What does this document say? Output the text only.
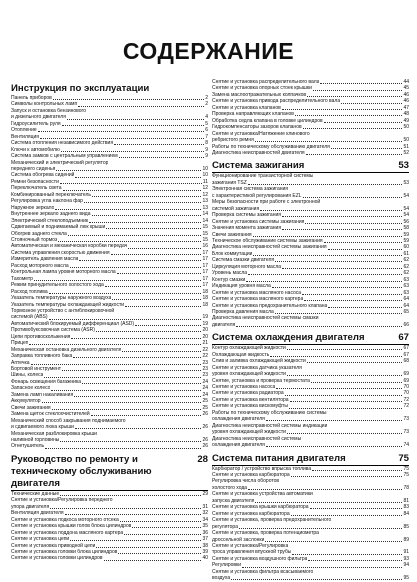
СОДЕРЖАНИЕ
Инструкция по эксплуатации
Панель приборов	2
Символы контрольных ламп	2
Запуск и остановка бензинового
и дизельного двигателя	4
Гидроусилитель руля	5
Отопление	6
Вентиляция	7
Система отопления независимого действия	8
Ключи к автомобилю	9
Система замков с центральным управлением	9
Механический и электрический регулятор
переднего сиденья	10
Система обогрева сидений	10
Ремни безопасности	11
Переключатель света	12
Комбинированный переключатель	12
Регулировка угла наклона фар	13
Наружное зеркало	13
Внутреннее зеркало заднего вида	14
Электрический стеклоподъемник	14
Сдвигаемый и поднимаемый люк крыши	15
Обогрев заднего стекла	15
Стояночный тормоз	15
Автоматическая и механическая коробки передач	16
Система управления скоростью движения	17
Измеритель давления масла	17
Расход моторного масла	17
Контрольная лампа уровня моторного масла	17
Тахометр	17
Режим принудительного холостого хода	17
Расход топлива	18
Указатель температуры наружного воздуха	18
Указатель температуры охлаждающей жидкости	18
Тормозное устройство с антиблокировочной
системой (ABS)	19
Автоматический блокируемый дифференциал (ASD)	19
Противобуксовочная система (ASR)	20
Цепи противоскольжения	20
Прицеп	21
Механическая остановка дизельного двигателя	22
Заправка топливного бака	22
Аптечка	23
Бортовой инструмент	23
Шины, колеса	23
Фонарь освещения багажника	24
Запасное колесо	24
Замена ламп накаливания	24
Аккумулятор	25
Свечи зажигания	25
Замена щеток стеклоочистителей	26
Механический способ закрывания поднимаемого
и сдвигаемого люка крыши	26
Механическая разблокировка крыши
наливной горловины	26
Огнетушитель	26
Руководство по ремонту и техническому обслуживанию двигателя
28
Технические данные	29
Снятие и установка/Регулировка переднего
упора двигателя	31
Вентиляция двигателя	32
Снятие и установка подкоса моторного отсека	34
Снятие и установка крышки голов блока цилиндров	35
Снятие и установка поддона масляного картера	36
Снятие и установка цепи	37
Снятие и установка приводной цепи	38
Снятие и установка головки блока цилиндров	39
Снятие и установка головки цилиндров	40
Снятие и установка распределительного вала	44
Снятие и установка опорных стоек крышки	45
Замена маслоотражательных колпачков	46
Снятие и установка привода распределительного вала	46
Снятие и установка клапанов	47
Проверка направляющих клапанов	48
Обработка седла клапана в головке цилиндров	49
Гидрокомпенсаторы зазоров клапанов	50
Снятие и установка/Натяжение клинового
ребристого ремня	50
Работы по техническому обслуживанию двигателя	51
Диагностика неисправностей двигателя	52
Система зажигания	53
Функционирование транзисторной системы
зажигания TSZ	53
Электронная система зажигания
с характеристикой регулирования EZL	54
Меры безопасности при работе с электронной
системой зажигания	54
Проверка системы зажигания	54
Снятие и установка системы зажигания	56
Значения момента зажигания	58
Свечи зажигания	59
Техническое обслуживание системы зажигания	59
Диагностика неисправностей системы зажигания	60
Блок коммутации	61
Система смазки двигателя	62
Циркуляция моторного масла	62
Уровень масла	62
Контур смазки	63
Индикация уровня масла	63
Снятие и установка масляного насоса	63
Снятие и установка масляного картера	64
Снятие и установка предохранительного клапана	64
Проверка давления масла	65
Диагностика неисправностей системы смазки
двигателя	66
Система охлаждения двигателя	67
Контур охлаждающей жидкости	67
Охлаждающая жидкость	67
Слив и заливка охлаждающей жидкости	68
Снятие и установка датчика указателя
уровня охлаждающей жидкости	69
Снятие, установка и проверка термостата	69
Снятие и установка насоса	70
Снятие и установка радиатора	70
Снятие и установка вентилятора	72
Снятие и установка вискомуфты	72
Работы по техническому обслуживанию системы
охлаждения двигателя	73
Диагностика неисправностей системы индикации
уровня охлаждающей жидкости	73
Диагностика неисправностей системы
охлаждения двигателя	74
Система питания двигателя	75
Карбюратор / устройство впрыска топлива	75
Снятие и установка карбюратора	75
Регулировка числа оборотов
холостого хода	78
Снятие и установка устройства автоматики
запуска двигателя	81
Снятие и установка крышки карбюратора	83
Снятие и установка карбюратора	84
Снятие и установка, проверка предохранительного
регулятора	85
Снятие и установка, проверка потенциометра
дроссельной заслонки	89
Снятие и установка/Регулировка
троса управления впускной трубы	91
Снятие и установка воздушного фильтра	93
Регулировки	94
Снятие и установка фильтра всасываемого
воздуха	95
